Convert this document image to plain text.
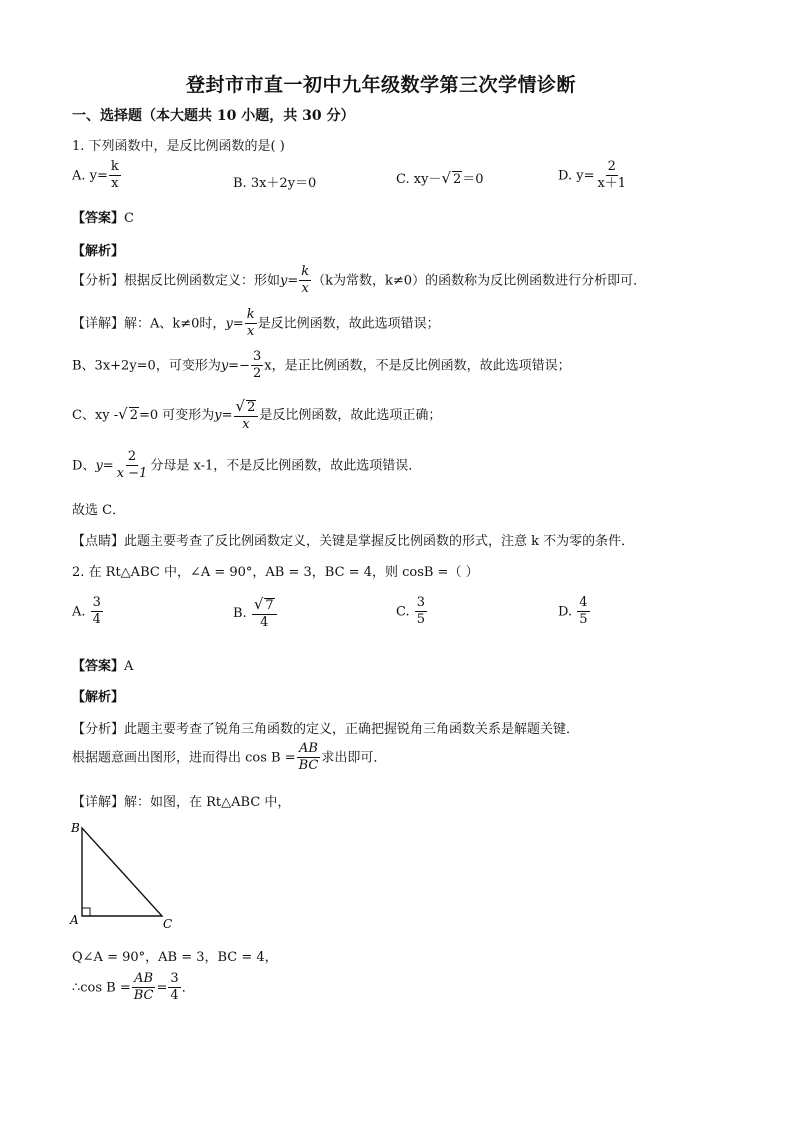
登封市市直一初中九年级数学第三次学情诊断
一、选择题（本大题共 10 小题，共 30 分）
1. 下列函数中，是反比例函数的是( )
A. $y= \frac{k}{x}$	B. 3x＋2y＝0	C. xy－√ 2＝0	D. $y= \frac{2}{x+1}$
【答案】C
【解析】
【分析】根据反比例函数定义：形如$y= \frac{k}{x} (k$为常数，k≠0）的函数称为反比例函数进行分析即可．
【详解】解：A、k≠0时，$y= \frac{k}{x}$ 是反比例函数，故此选项错误；
B、3x+2y=0，可变形为$y=- \frac{3}{2}$ x，是正比例函数，不是反比例函数，故此选项错误；
C、xy -√ 2=0 可变形为$y= \frac{√ 2}{x}$ 是反比例函数，故此选项正确；
D、$y= \frac{2}{x -1}$ 分母是 x-1，不是反比例函数，故此选项错误．
故选 C．
【点睛】此题主要考查了反比例函数定义，关键是掌握反比例函数的形式，注意 k 不为零的条件．
2. 在 Rt△ABC 中，∠A = 90°，AB = 3，BC = 4，则 cosB =（ ）
A. $\frac{3}{4}$	B. $\frac{√ 7}{4}$	C. $\frac{3}{5}$	D. $\frac{4}{5}$
【答案】A
【解析】
【分析】此题主要考查了锐角三角函数的定义，正确把握锐角三角函数关系是解题关键．
根据题意画出图形，进而得出 $\cos B = \frac{AB}{BC}$ 求出即可．
【详解】解：如图，在 Rt△ABC 中，
B
A	C
Q∠A = 90°，AB = 3，BC = 4，
∴cos $B = \frac{AB}{BC} = \frac{3}{4}$ ．
